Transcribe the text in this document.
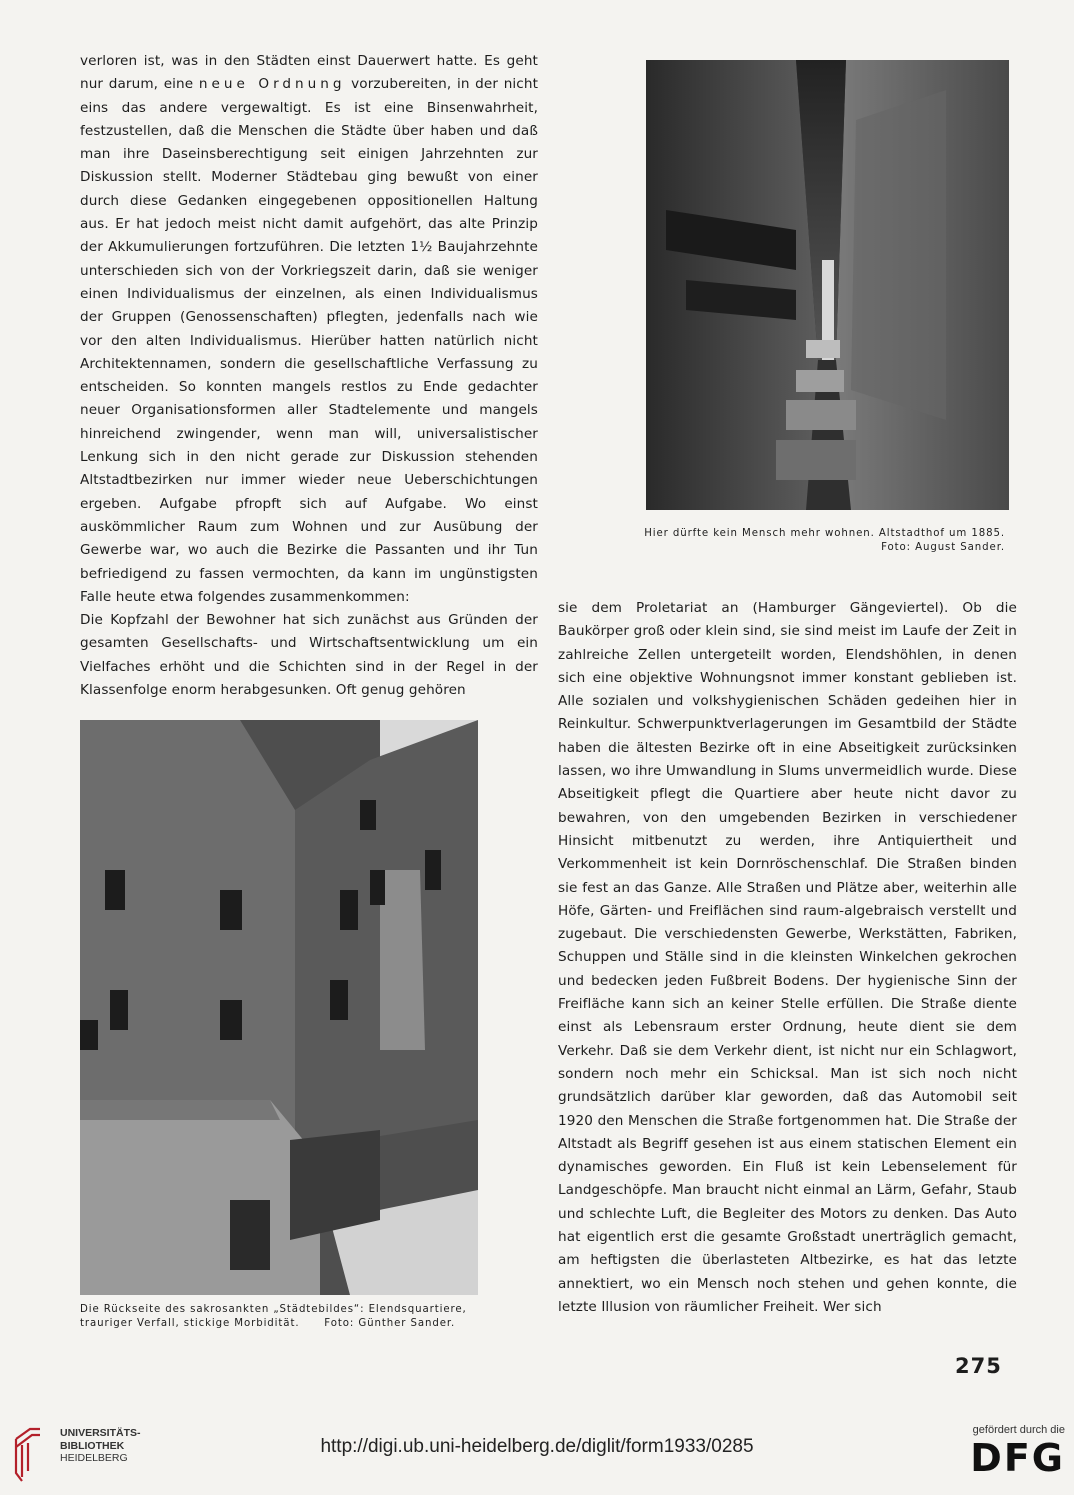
verloren ist, was in den Städten einst Dauerwert hatte. Es geht nur darum, eine neue Ordnung vorzubereiten, in der nicht eins das andere vergewaltigt. Es ist eine Binsenwahrheit, festzustellen, daß die Menschen die Städte über haben und daß man ihre Daseinsberechtigung seit einigen Jahrzehnten zur Diskussion stellt. Moderner Städtebau ging bewußt von einer durch diese Gedanken eingegebenen oppositionellen Haltung aus. Er hat jedoch meist nicht damit aufgehört, das alte Prinzip der Akkumulierungen fortzuführen. Die letzten 1½ Baujahrzehnte unterschieden sich von der Vorkriegszeit darin, daß sie weniger einen Individualismus der einzelnen, als einen Individualismus der Gruppen (Genossenschaften) pflegten, jedenfalls nach wie vor den alten Individualismus. Hierüber hatten natürlich nicht Architektennamen, sondern die gesellschaftliche Verfassung zu entscheiden. So konnten mangels restlos zu Ende gedachter neuer Organisationsformen aller Stadtelemente und mangels hinreichend zwingender, wenn man will, universalistischer Lenkung sich in den nicht gerade zur Diskussion stehenden Altstadtbezirken nur immer wieder neue Ueberschichtungen ergeben. Aufgabe pfropft sich auf Aufgabe. Wo einst auskömmlicher Raum zum Wohnen und zur Ausübung der Gewerbe war, wo auch die Bezirke die Passanten und ihr Tun befriedigend zu fassen vermochten, da kann im ungünstigsten Falle heute etwa folgendes zusammenkommen:

Die Kopfzahl der Bewohner hat sich zunächst aus Gründen der gesamten Gesellschafts- und Wirtschaftsentwicklung um ein Vielfaches erhöht und die Schichten sind in der Regel in der Klassenfolge enorm herabgesunken. Oft genug gehören

Hier dürfte kein Mensch mehr wohnen. Altstadthof um 1885.
Foto: August Sander.
Die Rückseite des sakrosankten „Städtebildes“: Elendsquartiere,
trauriger Verfall, stickige Morbidität.      Foto: Günther Sander.

sie dem Proletariat an (Hamburger Gängeviertel). Ob die Baukörper groß oder klein sind, sie sind meist im Laufe der Zeit in zahlreiche Zellen untergeteilt worden, Elendshöhlen, in denen sich eine objektive Wohnungsnot immer konstant geblieben ist. Alle sozialen und volkshygienischen Schäden gedeihen hier in Reinkultur. Schwerpunktverlagerungen im Gesamtbild der Städte haben die ältesten Bezirke oft in eine Abseitigkeit zurücksinken lassen, wo ihre Umwandlung in Slums unvermeidlich wurde. Diese Abseitigkeit pflegt die Quartiere aber heute nicht davor zu bewahren, von den umgebenden Bezirken in verschiedener Hinsicht mitbenutzt zu werden, ihre Antiquiertheit und Verkommenheit ist kein Dornröschenschlaf. Die Straßen binden sie fest an das Ganze. Alle Straßen und Plätze aber, weiterhin alle Höfe, Gärten- und Freiflächen sind raum-algebraisch verstellt und zugebaut. Die verschiedensten Gewerbe, Werkstätten, Fabriken, Schuppen und Ställe sind in die kleinsten Winkelchen gekrochen und bedecken jeden Fußbreit Bodens. Der hygienische Sinn der Freifläche kann sich an keiner Stelle erfüllen. Die Straße diente einst als Lebensraum erster Ordnung, heute dient sie dem Verkehr. Daß sie dem Verkehr dient, ist nicht nur ein Schlagwort, sondern noch mehr ein Schicksal. Man ist sich noch nicht grundsätzlich darüber klar geworden, daß das Automobil seit 1920 den Menschen die Straße fortgenommen hat. Die Straße der Altstadt als Begriff gesehen ist aus einem statischen Element ein dynamisches geworden. Ein Fluß ist kein Lebenselement für Landgeschöpfe. Man braucht nicht einmal an Lärm, Gefahr, Staub und schlechte Luft, die Begleiter des Motors zu denken. Das Auto hat eigentlich erst die gesamte Großstadt unerträglich gemacht, am heftigsten die überlasteten Altbezirke, es hat das letzte annektiert, wo ein Mensch noch stehen und gehen konnte, die letzte Illusion von räumlicher Freiheit. Wer sich

275
UNIVERSITÄTS-
BIBLIOTHEK
HEIDELBERG
http://digi.ub.uni-heidelberg.de/diglit/form1933/0285
gefördert durch die
DFG
